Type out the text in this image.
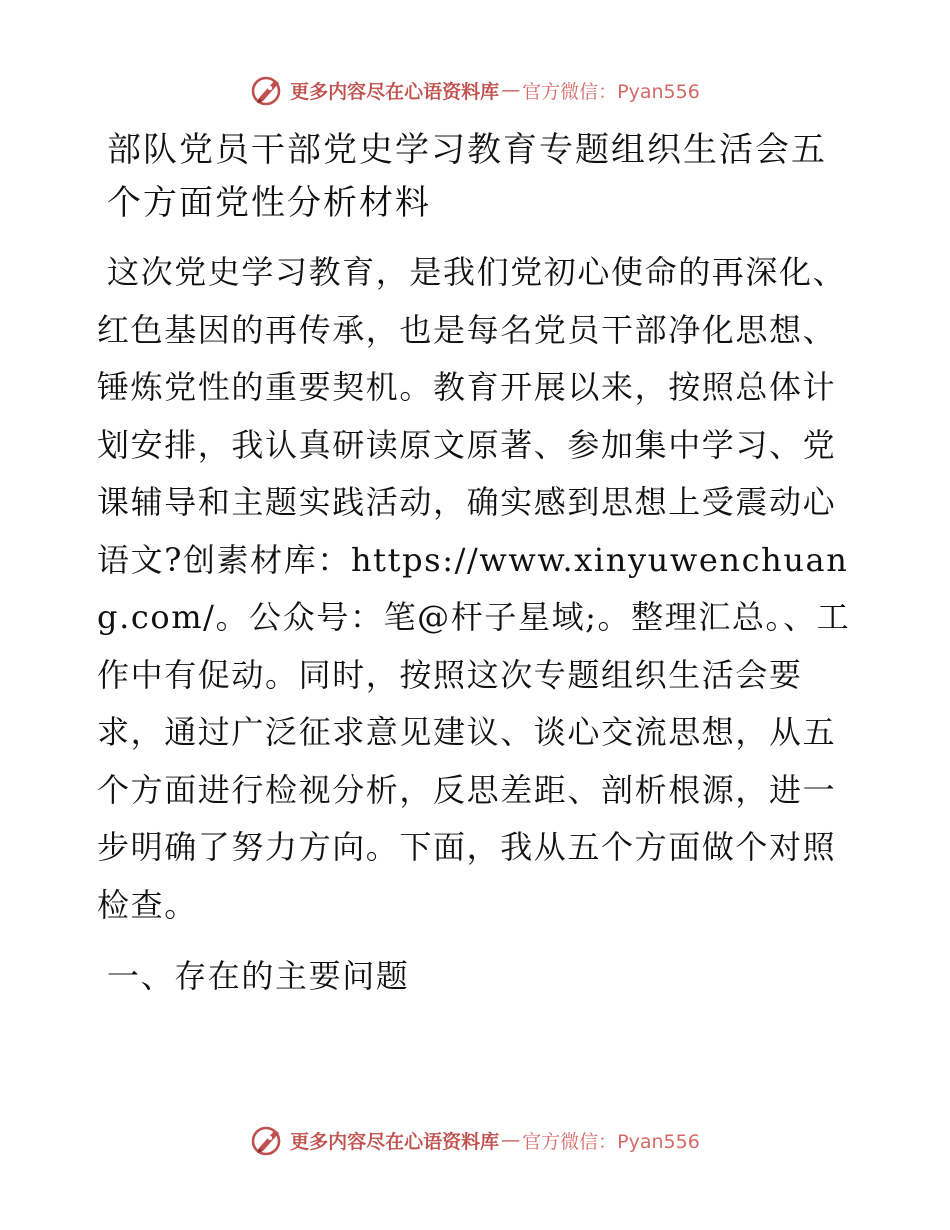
更多内容尽在心语资料库 — 官方微信：Pyan556
部队党员干部党史学习教育专题组织生活会五个方面党性分析材料

这次党史学习教育，是我们党初心使命的再深化、红色基因的再传承，也是每名党员干部净化思想、锤炼党性的重要契机。教育开展以来，按照总体计划安排，我认真研读原文原著、参加集中学习、党课辅导和主题实践活动，确实感到思想上受震动心语文?创素材库：https://www.xinyuwenchuang.com/。公众号：笔@杆子星域;。整理汇总。、工作中有促动。同时，按照这次专题组织生活会要求，通过广泛征求意见建议、谈心交流思想，从五个方面进行检视分析，反思差距、剖析根源，进一步明确了努力方向。下面，我从五个方面做个对照检查。

一、存在的主要问题
更多内容尽在心语资料库 — 官方微信：Pyan556
